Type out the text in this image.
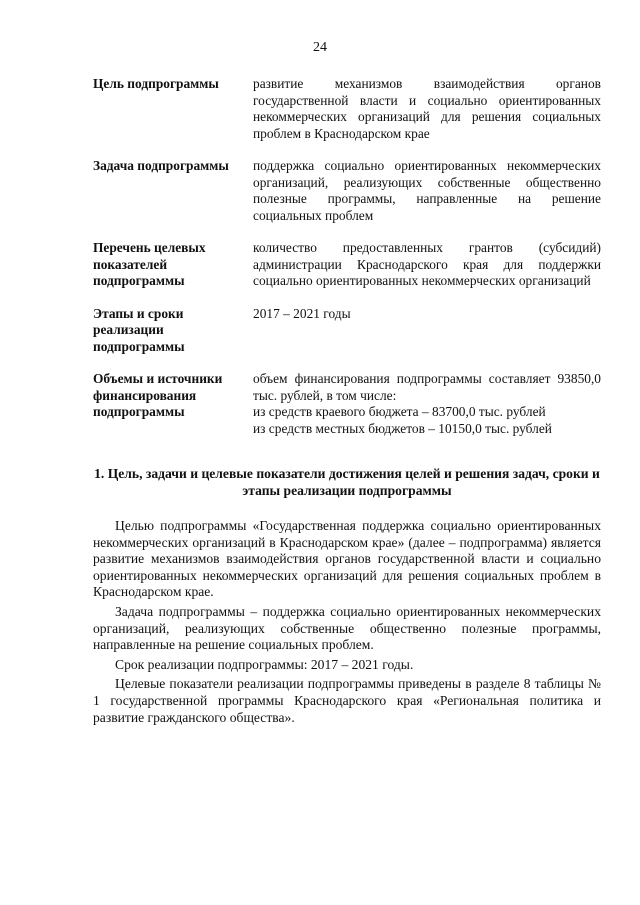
24
Цель подпрограммы	развитие механизмов взаимодействия органов государственной власти и социально ориентированных некоммерческих организаций для решения социальных проблем в Краснодарском крае
Задача подпрограммы	поддержка социально ориентированных некоммерческих организаций, реализующих собственные общественно полезные программы, направленные на решение социальных проблем
Перечень целевых показателей подпрограммы
количество предоставленных грантов (субсидий) администрации Краснодарского края для поддержки социально ориентированных некоммерческих организаций
Этапы и сроки реализации подпрограммы
2017 – 2021 годы
Объемы и источники финансирования подпрограммы
объем финансирования подпрограммы составляет 93850,0 тыс. рублей, в том числе:
из средств краевого бюджета – 83700,0 тыс. рублей
из средств местных бюджетов – 10150,0 тыс. рублей
1. Цель, задачи и целевые показатели достижения целей и решения задач, сроки и этапы реализации подпрограммы

Целью подпрограммы «Государственная поддержка социально ориентированных некоммерческих организаций в Краснодарском крае» (далее – подпрограмма) является развитие механизмов взаимодействия органов государственной власти и социально ориентированных некоммерческих организаций для решения социальных проблем в Краснодарском крае.

Задача подпрограммы – поддержка социально ориентированных некоммерческих организаций, реализующих собственные общественно полезные программы, направленные на решение социальных проблем.

Срок реализации подпрограммы: 2017 – 2021 годы.

Целевые показатели реализации подпрограммы приведены в разделе 8 таблицы № 1 государственной программы Краснодарского края «Региональная политика и развитие гражданского общества».
